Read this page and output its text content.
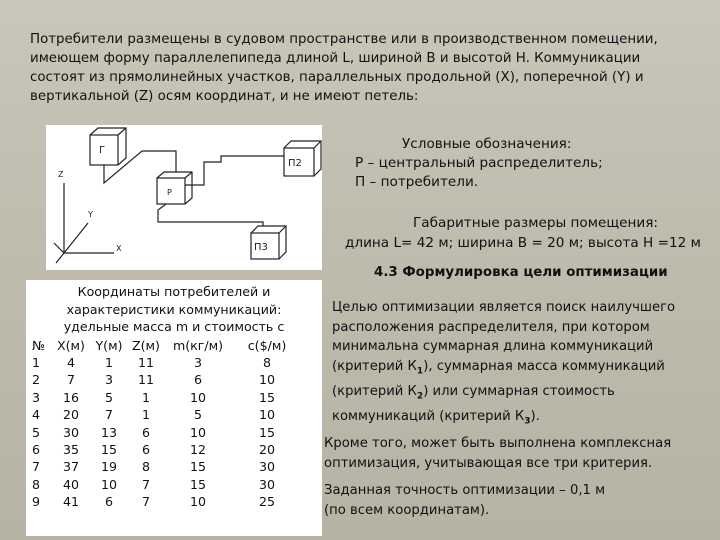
Потребители размещены в судовом пространстве или в производственном помещении, имеющем форму параллелепипеда длиной L, шириной B и высотой H. Коммуникации состоят из прямолинейных участков, параллельных продольной (X), поперечной (Y) и вертикальной (Z) осям координат, и не имеют петель:

Г
П2
Р
П3
Z
Y
X
Условные обозначения:
Р – центральный распределитель;
П – потребители.
Габаритные размеры помещения:
длина L= 42 м; ширина B = 20 м; высота H =12 м
4.3 Формулировка цели оптимизации
Координаты потребителей и
характеристики коммуникаций:
удельные масса m и стоимость c
№	X(м)	Y(м)	Z(м)	m(кг/м)	c($/м)
1	4	1	11	3	8
2	7	3	11	6	10
3	16	5	1	10	15
4	20	7	1	5	10
5	30	13	6	10	15
6	35	15	6	12	20
7	37	19	8	15	30
8	40	10	7	15	30
9	41	6	7	10	25

Целью оптимизации является поиск наилучшего

расположения распределителя, при котором

минимальна суммарная длина коммуникаций

(критерий $К_1$), суммарная масса коммуникаций

(критерий $К_2$) или суммарная стоимость

коммуникаций (критерий $К_3$).

Кроме того, может быть выполнена комплексная

оптимизация, учитывающая все три критерия.

Заданная точность оптимизации – 0,1 м

(по всем координатам).
